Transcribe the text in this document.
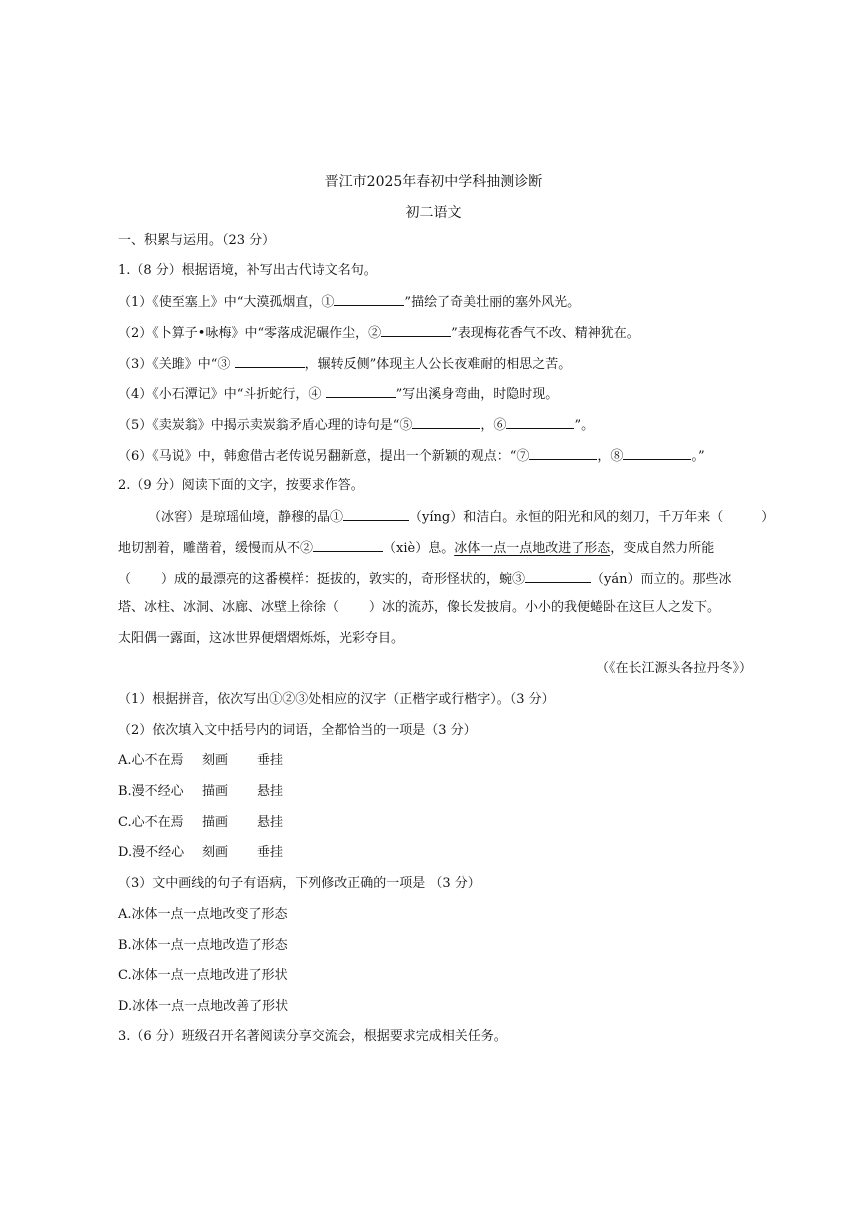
晋江市2025年春初中学科抽测诊断
初二语文
一、积累与运用。（23 分）
1.（8 分）根据语境，补写出古代诗文名句。
（1）《使至塞上》中“大漠孤烟直，①	”描绘了奇美壮丽的塞外风光。
（2）《卜算子•咏梅》中“零落成泥碾作尘，②	”表现梅花香气不改、精神犹在。
（3）《关雎》中“③	，辗转反侧”体现主人公长夜难耐的相思之苦。
（4）《小石潭记》中“斗折蛇行，④	”写出溪身弯曲，时隐时现。
（5）《卖炭翁》中揭示卖炭翁矛盾心理的诗句是“⑤	，⑥	”。
（6）《马说》中，韩愈借古老传说另翻新意，提出一个新颖的观点：“⑦	，⑧	。”
2.（9 分）阅读下面的文字，按要求作答。
（冰窖）是琼瑶仙境，静穆的晶①	（yíng）和洁白。永恒的阳光和风的刻刀，千万年来（	）
地切割着，雕凿着，缓慢而从不②	（xiè）息。冰体一点一点地改进了形态，变成自然力所能
（ ）成的最漂亮的这番模样：挺拔的，敦实的，奇形怪状的，蜿③	（yán）而立的。那些冰
塔、冰柱、冰洞、冰廊、冰壁上徐徐（ ）冰的流苏，像长发披肩。小小的我便蜷卧在这巨人之发下。
太阳偶一露面，这冰世界便熠熠烁烁，光彩夺目。
（《在长江源头各拉丹冬》）
（1）根据拼音，依次写出①②③处相应的汉字（正楷字或行楷字）。（3 分）
（2）依次填入文中括号内的词语，全都恰当的一项是（3 分）
A.心不在焉 刻画 垂挂
B.漫不经心 描画 悬挂
C.心不在焉 描画 悬挂
D.漫不经心 刻画 垂挂
（3）文中画线的句子有语病，下列修改正确的一项是 （3 分）
A.冰体一点一点地改变了形态
B.冰体一点一点地改造了形态
C.冰体一点一点地改进了形状
D.冰体一点一点地改善了形状
3.（6 分）班级召开名著阅读分享交流会，根据要求完成相关任务。
